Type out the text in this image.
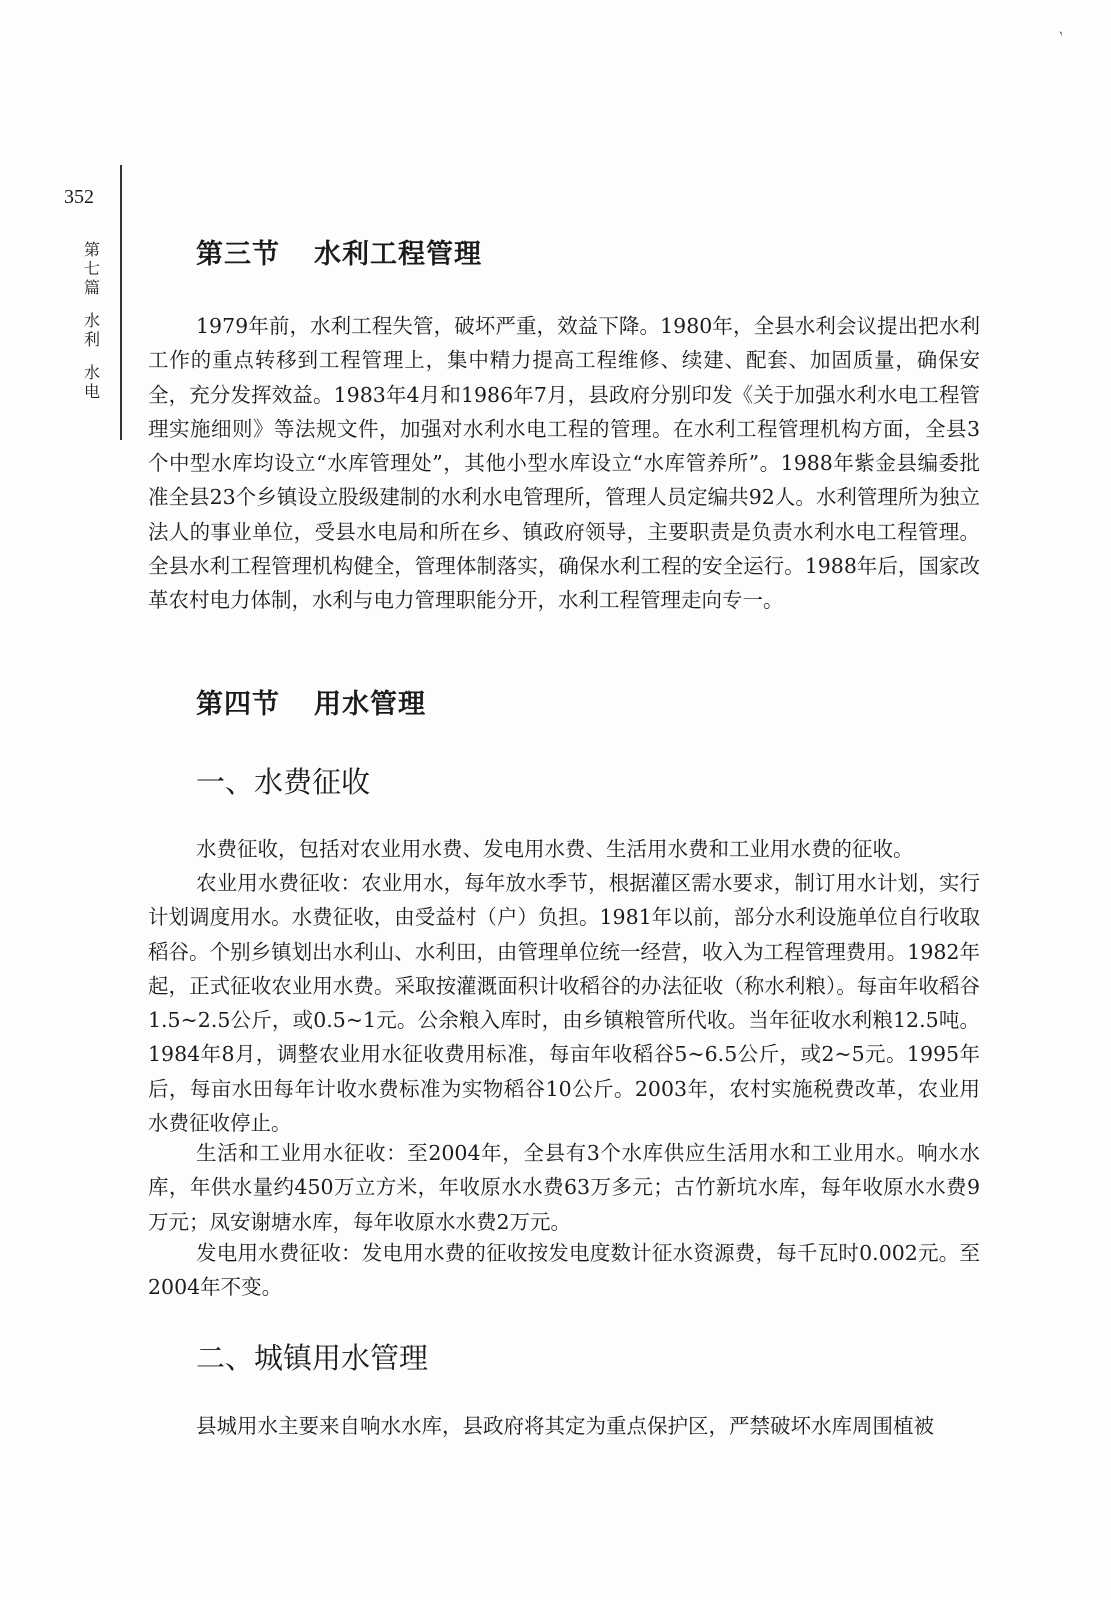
ˎ
352
第
七
篇
水
利
水
电
第三节 水利工程管理

1979年前，水利工程失管，破坏严重，效益下降。1980年，全县水利会议提出把水利工作的重点转移到工程管理上，集中精力提高工程维修、续建、配套、加固质量，确保安全，充分发挥效益。1983年4月和1986年7月，县政府分别印发《关于加强水利水电工程管理实施细则》等法规文件，加强对水利水电工程的管理。在水利工程管理机构方面，全县3个中型水库均设立“水库管理处”，其他小型水库设立“水库管养所”。1988年紫金县编委批准全县23个乡镇设立股级建制的水利水电管理所，管理人员定编共92人。水利管理所为独立法人的事业单位，受县水电局和所在乡、镇政府领导，主要职责是负责水利水电工程管理。全县水利工程管理机构健全，管理体制落实，确保水利工程的安全运行。1988年后，国家改革农村电力体制，水利与电力管理职能分开，水利工程管理走向专一。

第四节 用水管理
一、水费征收

水费征收，包括对农业用水费、发电用水费、生活用水费和工业用水费的征收。

农业用水费征收：农业用水，每年放水季节，根据灌区需水要求，制订用水计划，实行计划调度用水。水费征收，由受益村（户）负担。1981年以前，部分水利设施单位自行收取稻谷。个别乡镇划出水利山、水利田，由管理单位统一经营，收入为工程管理费用。1982年起，正式征收农业用水费。采取按灌溉面积计收稻谷的办法征收（称水利粮）。每亩年收稻谷1.5~2.5公斤，或0.5~1元。公余粮入库时，由乡镇粮管所代收。当年征收水利粮12.5吨。1984年8月，调整农业用水征收费用标准，每亩年收稻谷5~6.5公斤，或2~5元。1995年后，每亩水田每年计收水费标准为实物稻谷10公斤。2003年，农村实施税费改革，农业用水费征收停止。

生活和工业用水征收：至2004年，全县有3个水库供应生活用水和工业用水。响水水库，年供水量约450万立方米，年收原水水费63万多元；古竹新坑水库，每年收原水水费9万元；凤安谢塘水库，每年收原水水费2万元。

发电用水费征收：发电用水费的征收按发电度数计征水资源费，每千瓦时0.002元。至2004年不变。

二、城镇用水管理

县城用水主要来自响水水库，县政府将其定为重点保护区，严禁破坏水库周围植被
